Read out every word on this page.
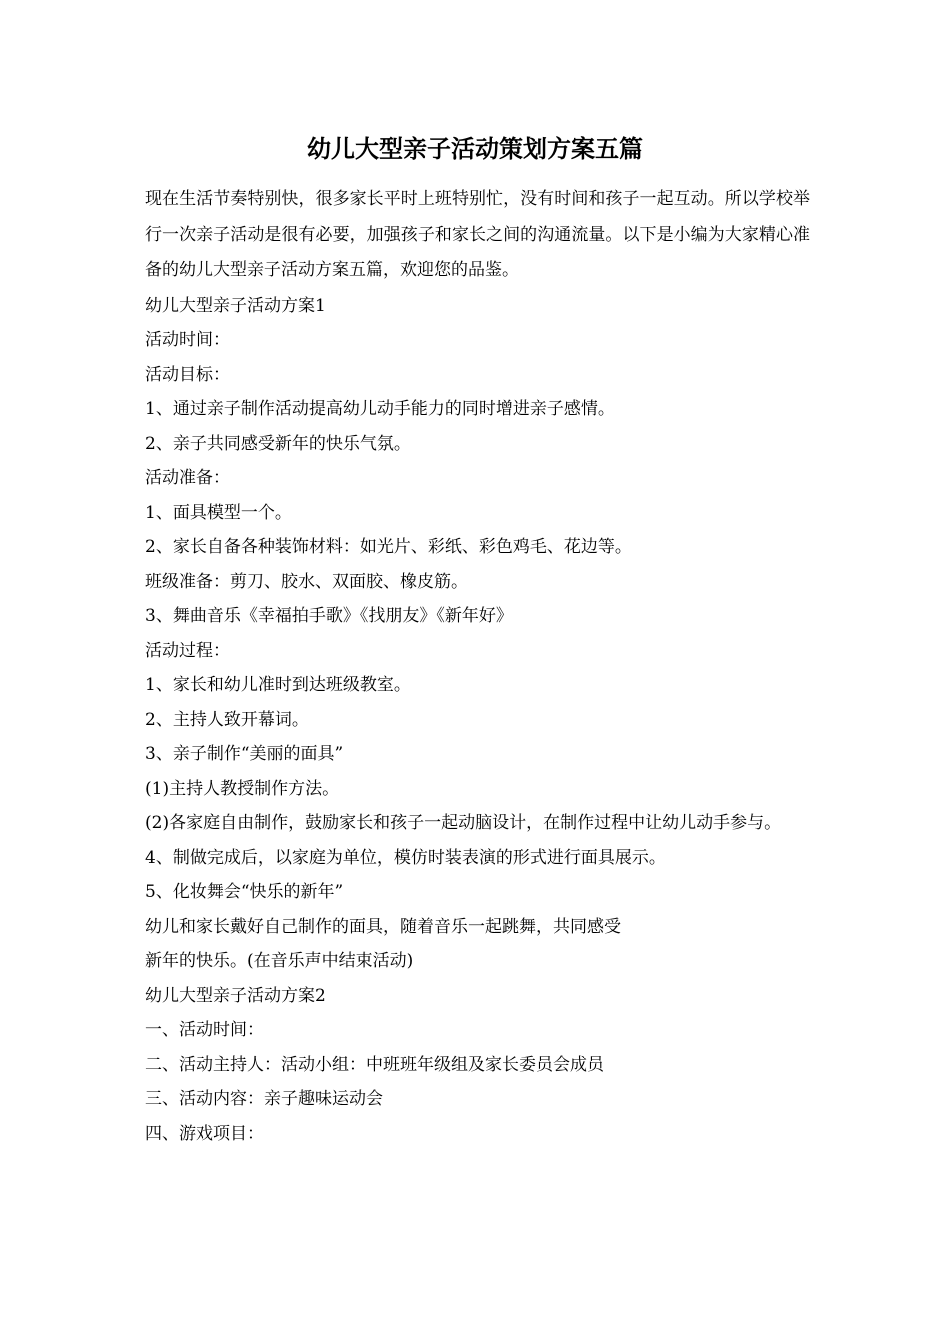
幼儿大型亲子活动策划方案五篇

现在生活节奏特别快，很多家长平时上班特别忙，没有时间和孩子一起互动。所以学校举行一次亲子活动是很有必要，加强孩子和家长之间的沟通流量。以下是小编为大家精心准备的幼儿大型亲子活动方案五篇，欢迎您的品鉴。

幼儿大型亲子活动方案1

活动时间：

活动目标：

1、通过亲子制作活动提高幼儿动手能力的同时增进亲子感情。

2、亲子共同感受新年的快乐气氛。

活动准备：

1、面具模型一个。

2、家长自备各种装饰材料：如光片、彩纸、彩色鸡毛、花边等。

班级准备：剪刀、胶水、双面胶、橡皮筋。

3、舞曲音乐《幸福拍手歌》《找朋友》《新年好》

活动过程：

1、家长和幼儿准时到达班级教室。

2、主持人致开幕词。

3、亲子制作“美丽的面具”

(1)主持人教授制作方法。

(2)各家庭自由制作，鼓励家长和孩子一起动脑设计，在制作过程中让幼儿动手参与。

4、制做完成后，以家庭为单位，模仿时装表演的形式进行面具展示。

5、化妆舞会“快乐的新年”

幼儿和家长戴好自己制作的面具，随着音乐一起跳舞，共同感受

新年的快乐。(在音乐声中结束活动)

幼儿大型亲子活动方案2

一、活动时间：

二、活动主持人：活动小组：中班班年级组及家长委员会成员

三、活动内容：亲子趣味运动会

四、游戏项目：
